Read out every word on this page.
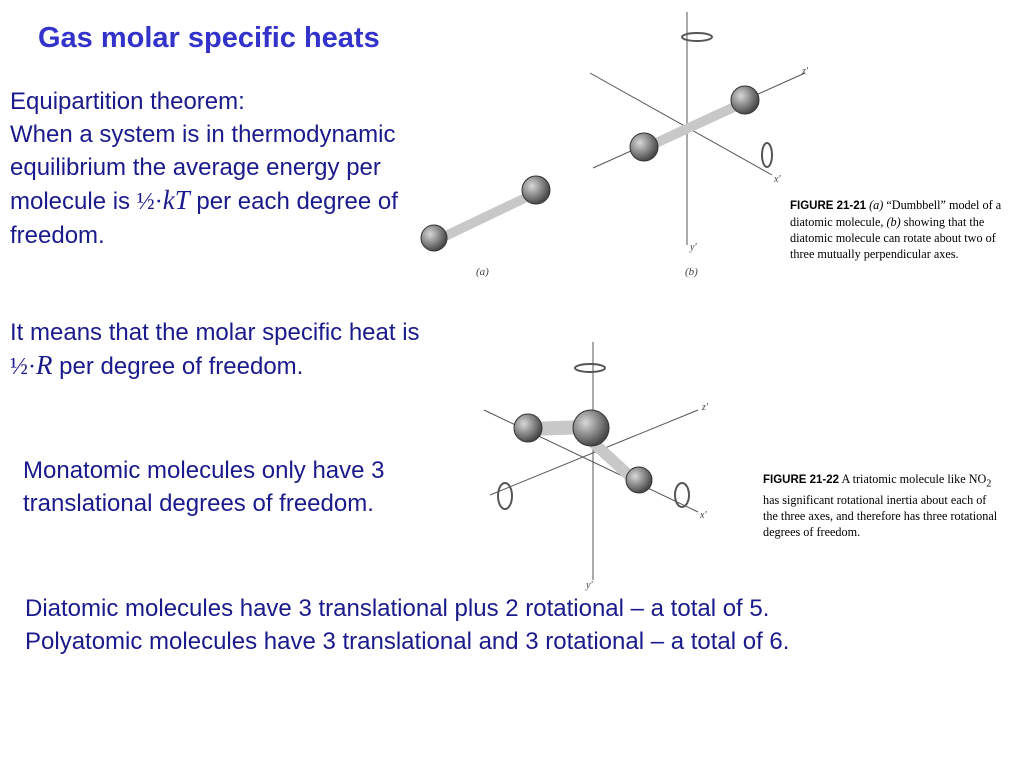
Gas molar specific heats
Equipartition theorem:
When a system is in thermodynamic equilibrium the average energy per molecule is ½·kT per each degree of freedom.
It means that the molar specific heat is ½·R per degree of freedom.
Monatomic molecules only have 3 translational degrees of freedom.
Diatomic molecules have 3 translational plus 2 rotational – a total of 5.
Polyatomic molecules have 3 translational and 3 rotational – a total of 6.
(a)
z′
x′
y′
(b)
FIGURE 21-21 (a) “Dumbbell” model of a diatomic molecule, (b) showing that the diatomic molecule can rotate about two of three mutually perpendicular axes.
z′
x′
y′
FIGURE 21-22 A triatomic molecule like $NO_2$ has significant rotational inertia about each of the three axes, and therefore has three rotational degrees of freedom.
